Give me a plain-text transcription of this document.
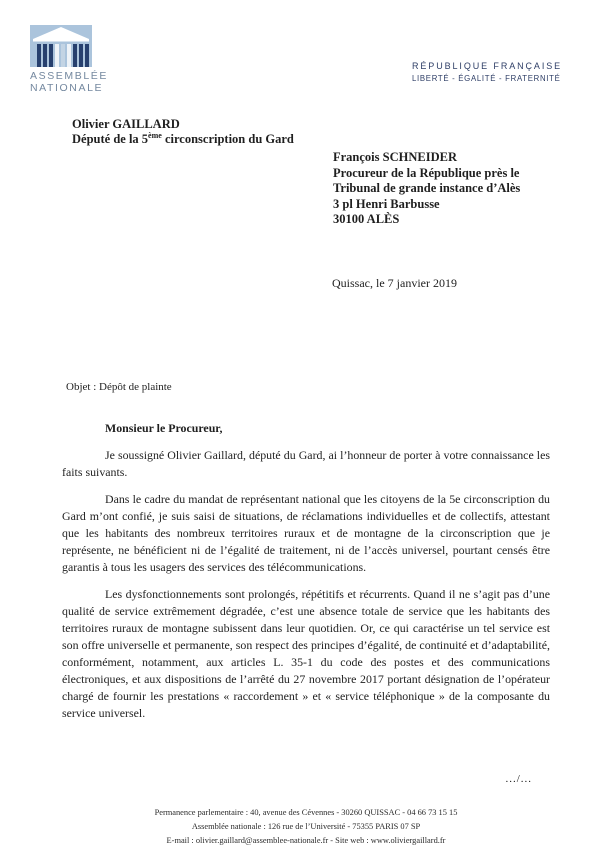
ASSEMBLÉE
NATIONALE
RÉPUBLIQUE FRANÇAISE
LIBERTÉ - ÉGALITÉ - FRATERNITÉ
Olivier GAILLARD
Député de la 5ème circonscription du Gard
François SCHNEIDER
Procureur de la République près le
Tribunal de grande instance d’Alès
3 pl Henri Barbusse
30100 ALÈS
Quissac, le 7 janvier 2019
Objet : Dépôt de plainte

Monsieur le Procureur,

Je soussigné Olivier Gaillard, député du Gard, ai l’honneur de porter à votre connaissance les faits suivants.

Dans le cadre du mandat de représentant national que les citoyens de la 5e circonscription du Gard m’ont confié, je suis saisi de situations, de réclamations individuelles et de collectifs, attestant que les habitants des nombreux territoires ruraux et de montagne de la circonscription que je représente, ne bénéficient ni de l’égalité de traitement, ni de l’accès universel, pourtant censés être garantis à tous les usagers des services des télécommunications.

Les dysfonctionnements sont prolongés, répétitifs et récurrents. Quand il ne s’agit pas d’une qualité de service extrêmement dégradée, c’est une absence totale de service que les habitants des territoires ruraux de montagne subissent dans leur quotidien. Or, ce qui caractérise un tel service est son offre universelle et permanente, son respect des principes d’égalité, de continuité et d’adaptabilité, conformément, notamment, aux articles L. 35-1 du code des postes et des communications électroniques, et aux dispositions de l’arrêté du 27 novembre 2017 portant désignation de l’opérateur chargé de fournir les prestations « raccordement » et « service téléphonique » de la composante du service universel.

.../...
Permanence parlementaire : 40, avenue des Cévennes - 30260 QUISSAC - 04 66 73 15 15
Assemblée nationale : 126 rue de l’Université - 75355 PARIS 07 SP
E-mail : olivier.gaillard@assemblee-nationale.fr - Site web : www.oliviergaillard.fr
